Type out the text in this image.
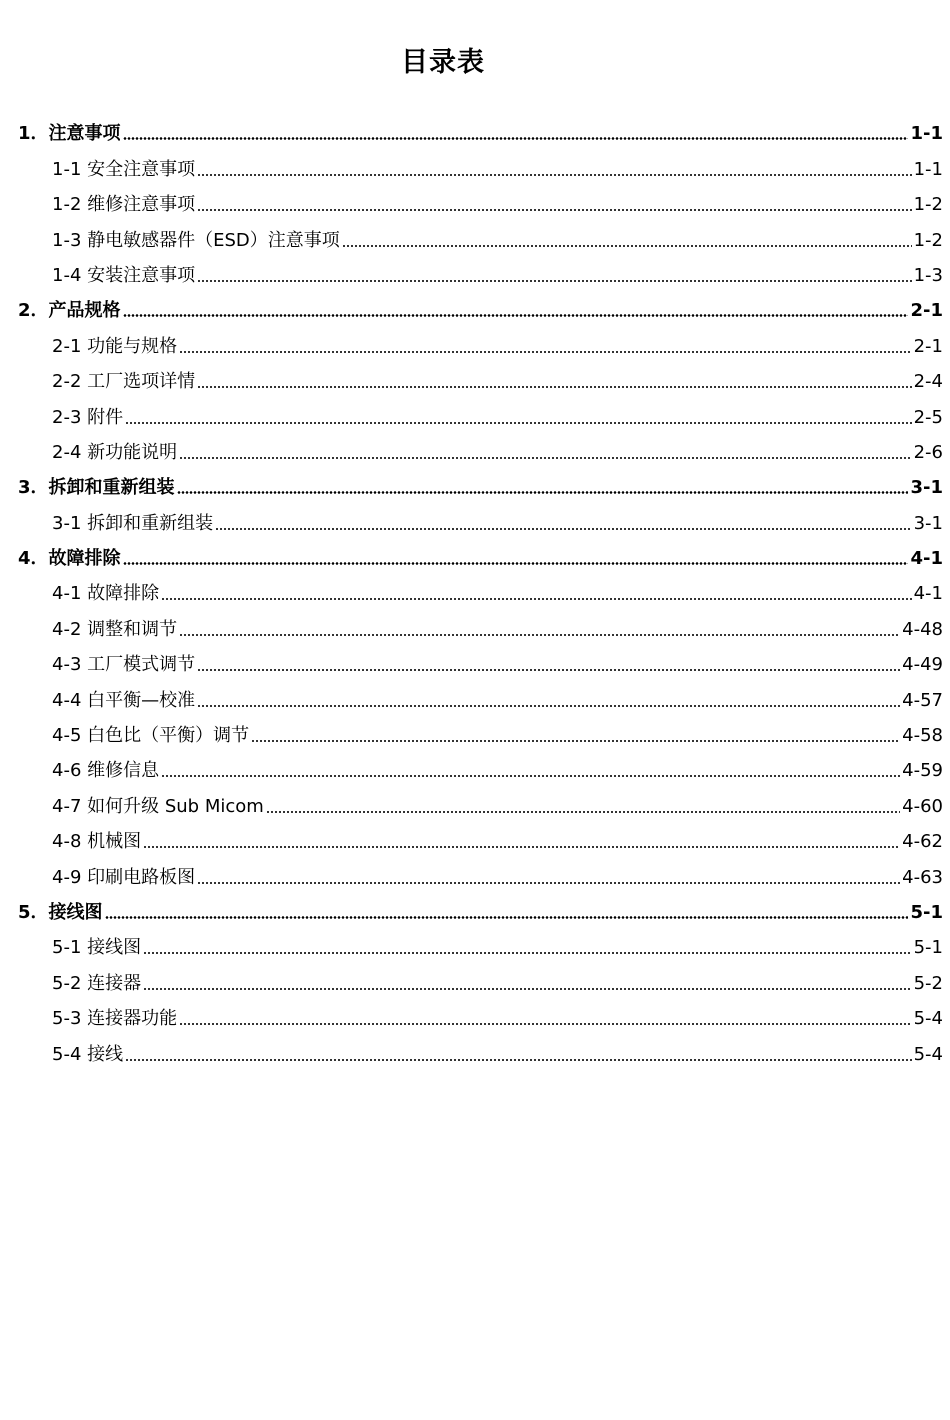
目录表
1．注意事项	1-1
1-1 安全注意事项	1-1
1-2 维修注意事项	1-2
1-3 静电敏感器件（ESD）注意事项	1-2
1-4 安装注意事项	1-3
2．产品规格	2-1
2-1 功能与规格	2-1
2-2 工厂选项详情	2-4
2-3 附件	2-5
2-4 新功能说明	2-6
3．拆卸和重新组装	3-1
3-1 拆卸和重新组装	3-1
4．故障排除	4-1
4-1 故障排除	4-1
4-2 调整和调节	4-48
4-3 工厂模式调节	4-49
4-4 白平衡—校准	4-57
4-5 白色比（平衡）调节	4-58
4-6 维修信息	4-59
4-7 如何升级 Sub Micom	4-60
4-8 机械图	4-62
4-9 印刷电路板图	4-63
5．接线图	5-1
5-1 接线图	5-1
5-2 连接器	5-2
5-3 连接器功能	5-4
5-4 接线	5-4
